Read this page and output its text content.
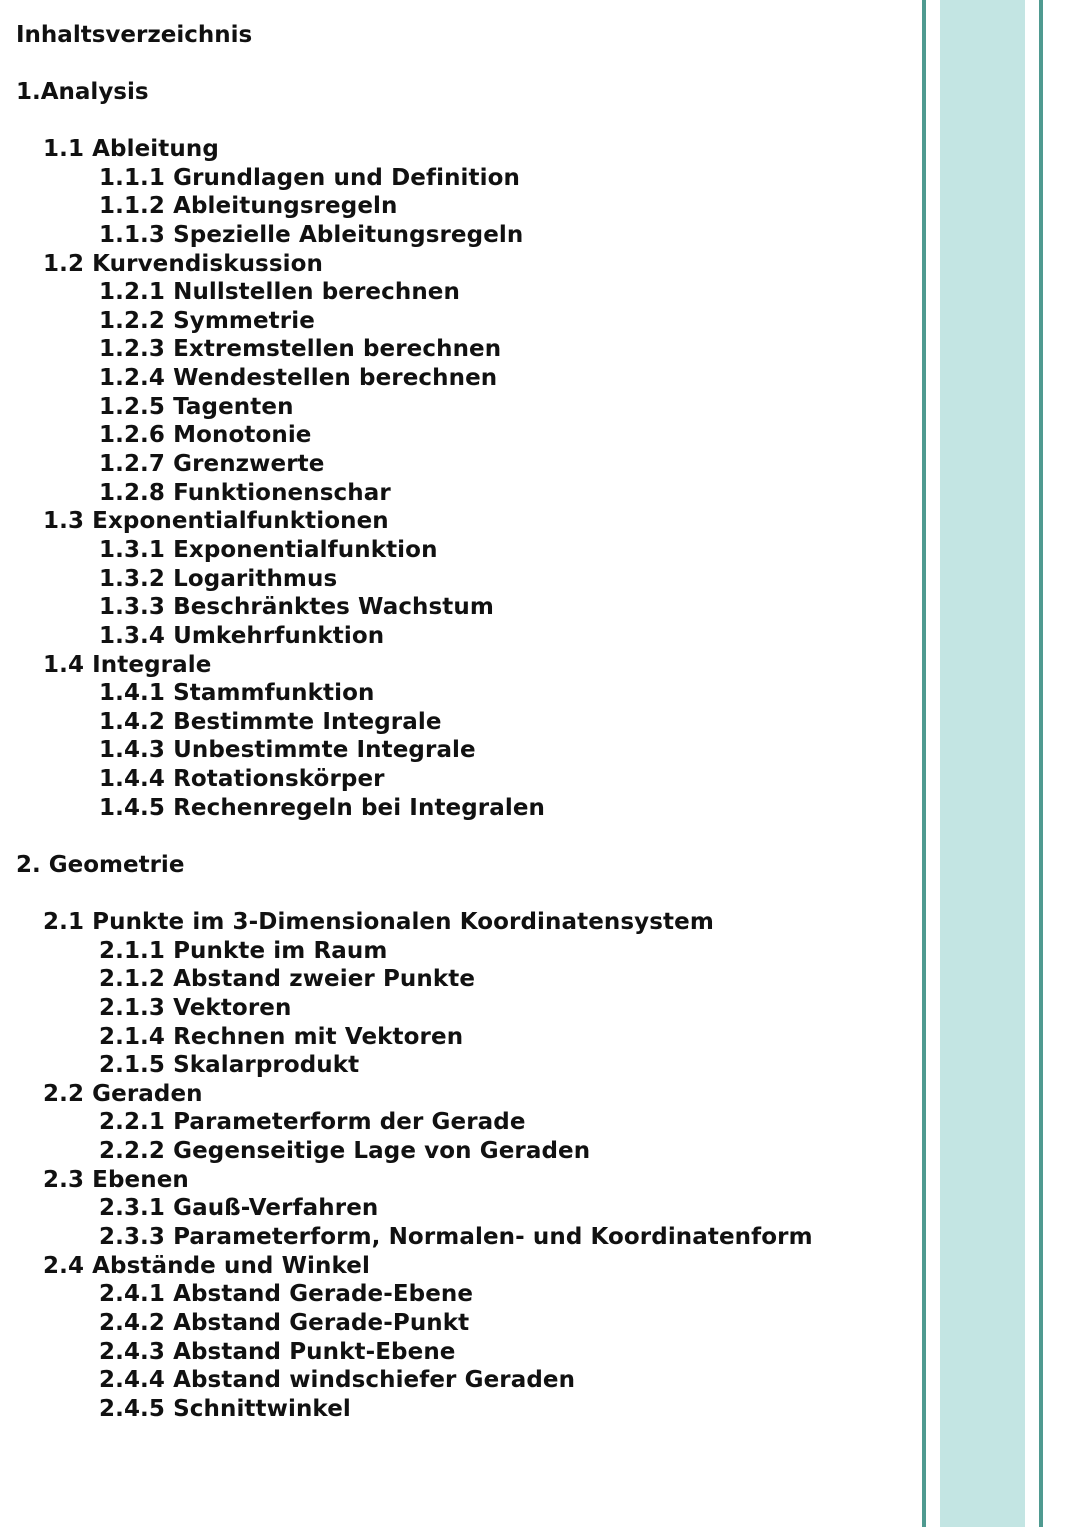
Inhaltsverzeichnis
1.Analysis
1.1 Ableitung
1.1.1 Grundlagen und Definition
1.1.2 Ableitungsregeln
1.1.3 Spezielle Ableitungsregeln
1.2 Kurvendiskussion
1.2.1 Nullstellen berechnen
1.2.2 Symmetrie
1.2.3 Extremstellen berechnen
1.2.4 Wendestellen berechnen
1.2.5 Tagenten
1.2.6 Monotonie
1.2.7 Grenzwerte
1.2.8 Funktionenschar
1.3 Exponentialfunktionen
1.3.1 Exponentialfunktion
1.3.2 Logarithmus
1.3.3 Beschränktes Wachstum
1.3.4 Umkehrfunktion
1.4 Integrale
1.4.1 Stammfunktion
1.4.2 Bestimmte Integrale
1.4.3 Unbestimmte Integrale
1.4.4 Rotationskörper
1.4.5 Rechenregeln bei Integralen
2. Geometrie
2.1 Punkte im 3-Dimensionalen Koordinatensystem
2.1.1 Punkte im Raum
2.1.2 Abstand zweier Punkte
2.1.3 Vektoren
2.1.4 Rechnen mit Vektoren
2.1.5 Skalarprodukt
2.2 Geraden
2.2.1 Parameterform der Gerade
2.2.2 Gegenseitige Lage von Geraden
2.3 Ebenen
2.3.1 Gauß-Verfahren
2.3.3 Parameterform, Normalen- und Koordinatenform
2.4 Abstände und Winkel
2.4.1 Abstand Gerade-Ebene
2.4.2 Abstand Gerade-Punkt
2.4.3 Abstand Punkt-Ebene
2.4.4 Abstand windschiefer Geraden
2.4.5 Schnittwinkel
